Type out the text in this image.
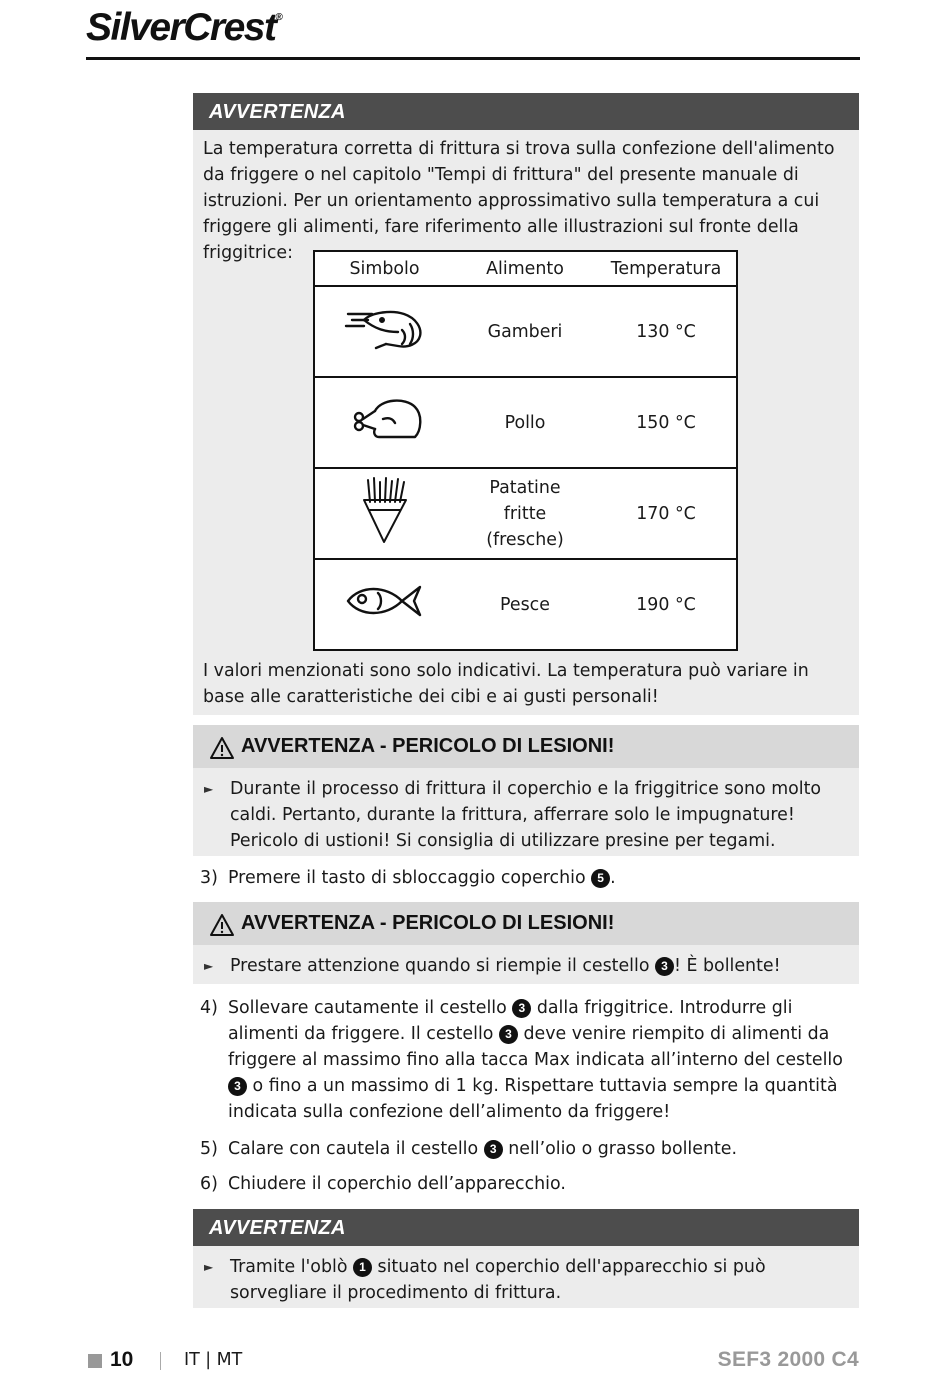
SilverCrest®
AVVERTENZA
La temperatura corretta di frittura si trova sulla confezione dell'alimento da friggere o nel capitolo "Tempi di frittura" del presente manuale di istruzioni. Per un orientamento approssimativo sulla temperatura a cui friggere gli alimenti, fare riferimento alle illustrazioni sul fronte della friggitrice:
Simbolo	Alimento	Temperatura
	Gamberi	130 °C
	Pollo	150 °C
	Patatine fritte (fresche)	170 °C
	Pesce	190 °C
I valori menzionati sono solo indicativi. La temperatura può variare in base alle caratteristiche dei cibi e ai gusti personali!
AVVERTENZA - PERICOLO DI LESIONI!
► Durante il processo di frittura il coperchio e la friggitrice sono molto caldi. Pertanto, durante la frittura, afferrare solo le impugnature! Pericolo di ustioni! Si consiglia di utilizzare presine per tegami.
3) Premere il tasto di sbloccaggio coperchio 5 .
AVVERTENZA - PERICOLO DI LESIONI!
► Prestare attenzione quando si riempie il cestello 3 ! È bollente!
4) Sollevare cautamente il cestello 3 dalla friggitrice. Introdurre gli alimenti da friggere. Il cestello 3 deve venire riempito di alimenti da friggere al massimo fino alla tacca Max indicata all’interno del cestello 3 o fino a un massimo di 1 kg. Rispettare tuttavia sempre la quantità indicata sulla confezione dell’alimento da friggere!
5) Calare con cautela il cestello 3 nell’olio o grasso bollente.
6) Chiudere il coperchio dell’apparecchio.
AVVERTENZA
► Tramite l'oblò 1 situato nel coperchio dell'apparecchio si può sorvegliare il procedimento di frittura.
10	IT | MT	SEF3 2000 C4
